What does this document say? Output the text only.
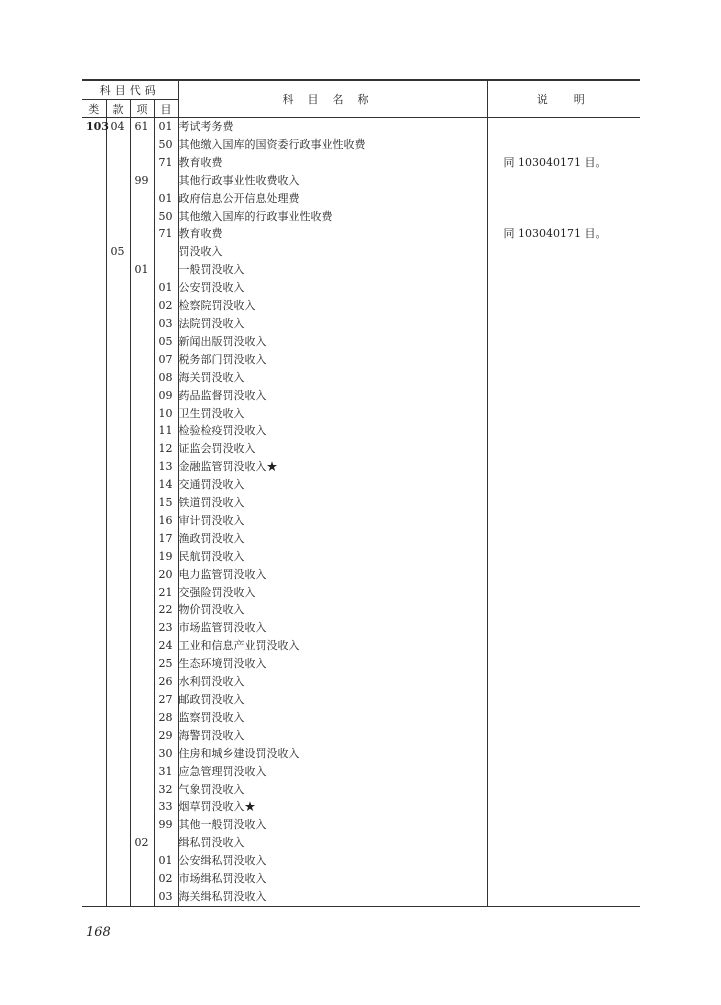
科目代码				科目名称	说明
类	款	项	目		
103	04	61	01	考试考务费	
			50	其他缴入国库的国资委行政事业性收费	
			71	教育收费	同 103040171 目。
		99		其他行政事业性收费收入	
			01	政府信息公开信息处理费	
			50	其他缴入国库的行政事业性收费	
			71	教育收费	同 103040171 目。
	05			罚没收入	
		01		一般罚没收入	
			01	公安罚没收入	
			02	检察院罚没收入	
			03	法院罚没收入	
			05	新闻出版罚没收入	
			07	税务部门罚没收入	
			08	海关罚没收入	
			09	药品监督罚没收入	
			10	卫生罚没收入	
			11	检验检疫罚没收入	
			12	证监会罚没收入	
			13	金融监管罚没收入★	
			14	交通罚没收入	
			15	铁道罚没收入	
			16	审计罚没收入	
			17	渔政罚没收入	
			19	民航罚没收入	
			20	电力监管罚没收入	
			21	交强险罚没收入	
			22	物价罚没收入	
			23	市场监管罚没收入	
			24	工业和信息产业罚没收入	
			25	生态环境罚没收入	
			26	水利罚没收入	
			27	邮政罚没收入	
			28	监察罚没收入	
			29	海警罚没收入	
			30	住房和城乡建设罚没收入	
			31	应急管理罚没收入	
			32	气象罚没收入	
			33	烟草罚没收入★	
			99	其他一般罚没收入	
		02		缉私罚没收入	
			01	公安缉私罚没收入	
			02	市场缉私罚没收入	
			03	海关缉私罚没收入	
168
